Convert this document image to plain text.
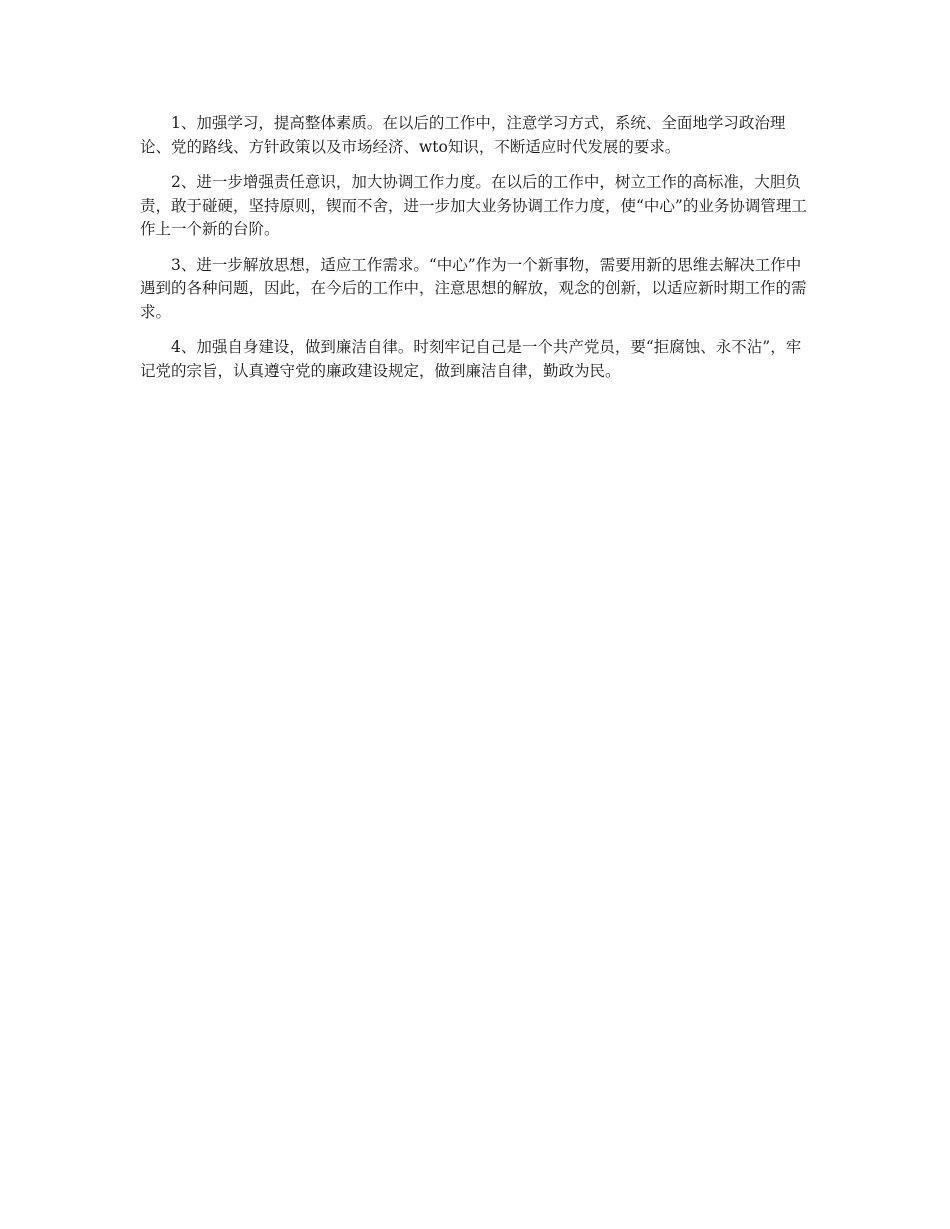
1、加强学习，提高整体素质。在以后的工作中，注意学习方式，系统、全面地学习政治理论、党的路线、方针政策以及市场经济、wto知识，不断适应时代发展的要求。

2、进一步增强责任意识，加大协调工作力度。在以后的工作中，树立工作的高标准，大胆负责，敢于碰硬，坚持原则，锲而不舍，进一步加大业务协调工作力度，使“中心”的业务协调管理工作上一个新的台阶。

3、进一步解放思想，适应工作需求。“中心”作为一个新事物，需要用新的思维去解决工作中遇到的各种问题，因此，在今后的工作中，注意思想的解放，观念的创新，以适应新时期工作的需求。

4、加强自身建设，做到廉洁自律。时刻牢记自己是一个共产党员，要“拒腐蚀、永不沾”，牢记党的宗旨，认真遵守党的廉政建设规定，做到廉洁自律，勤政为民。
